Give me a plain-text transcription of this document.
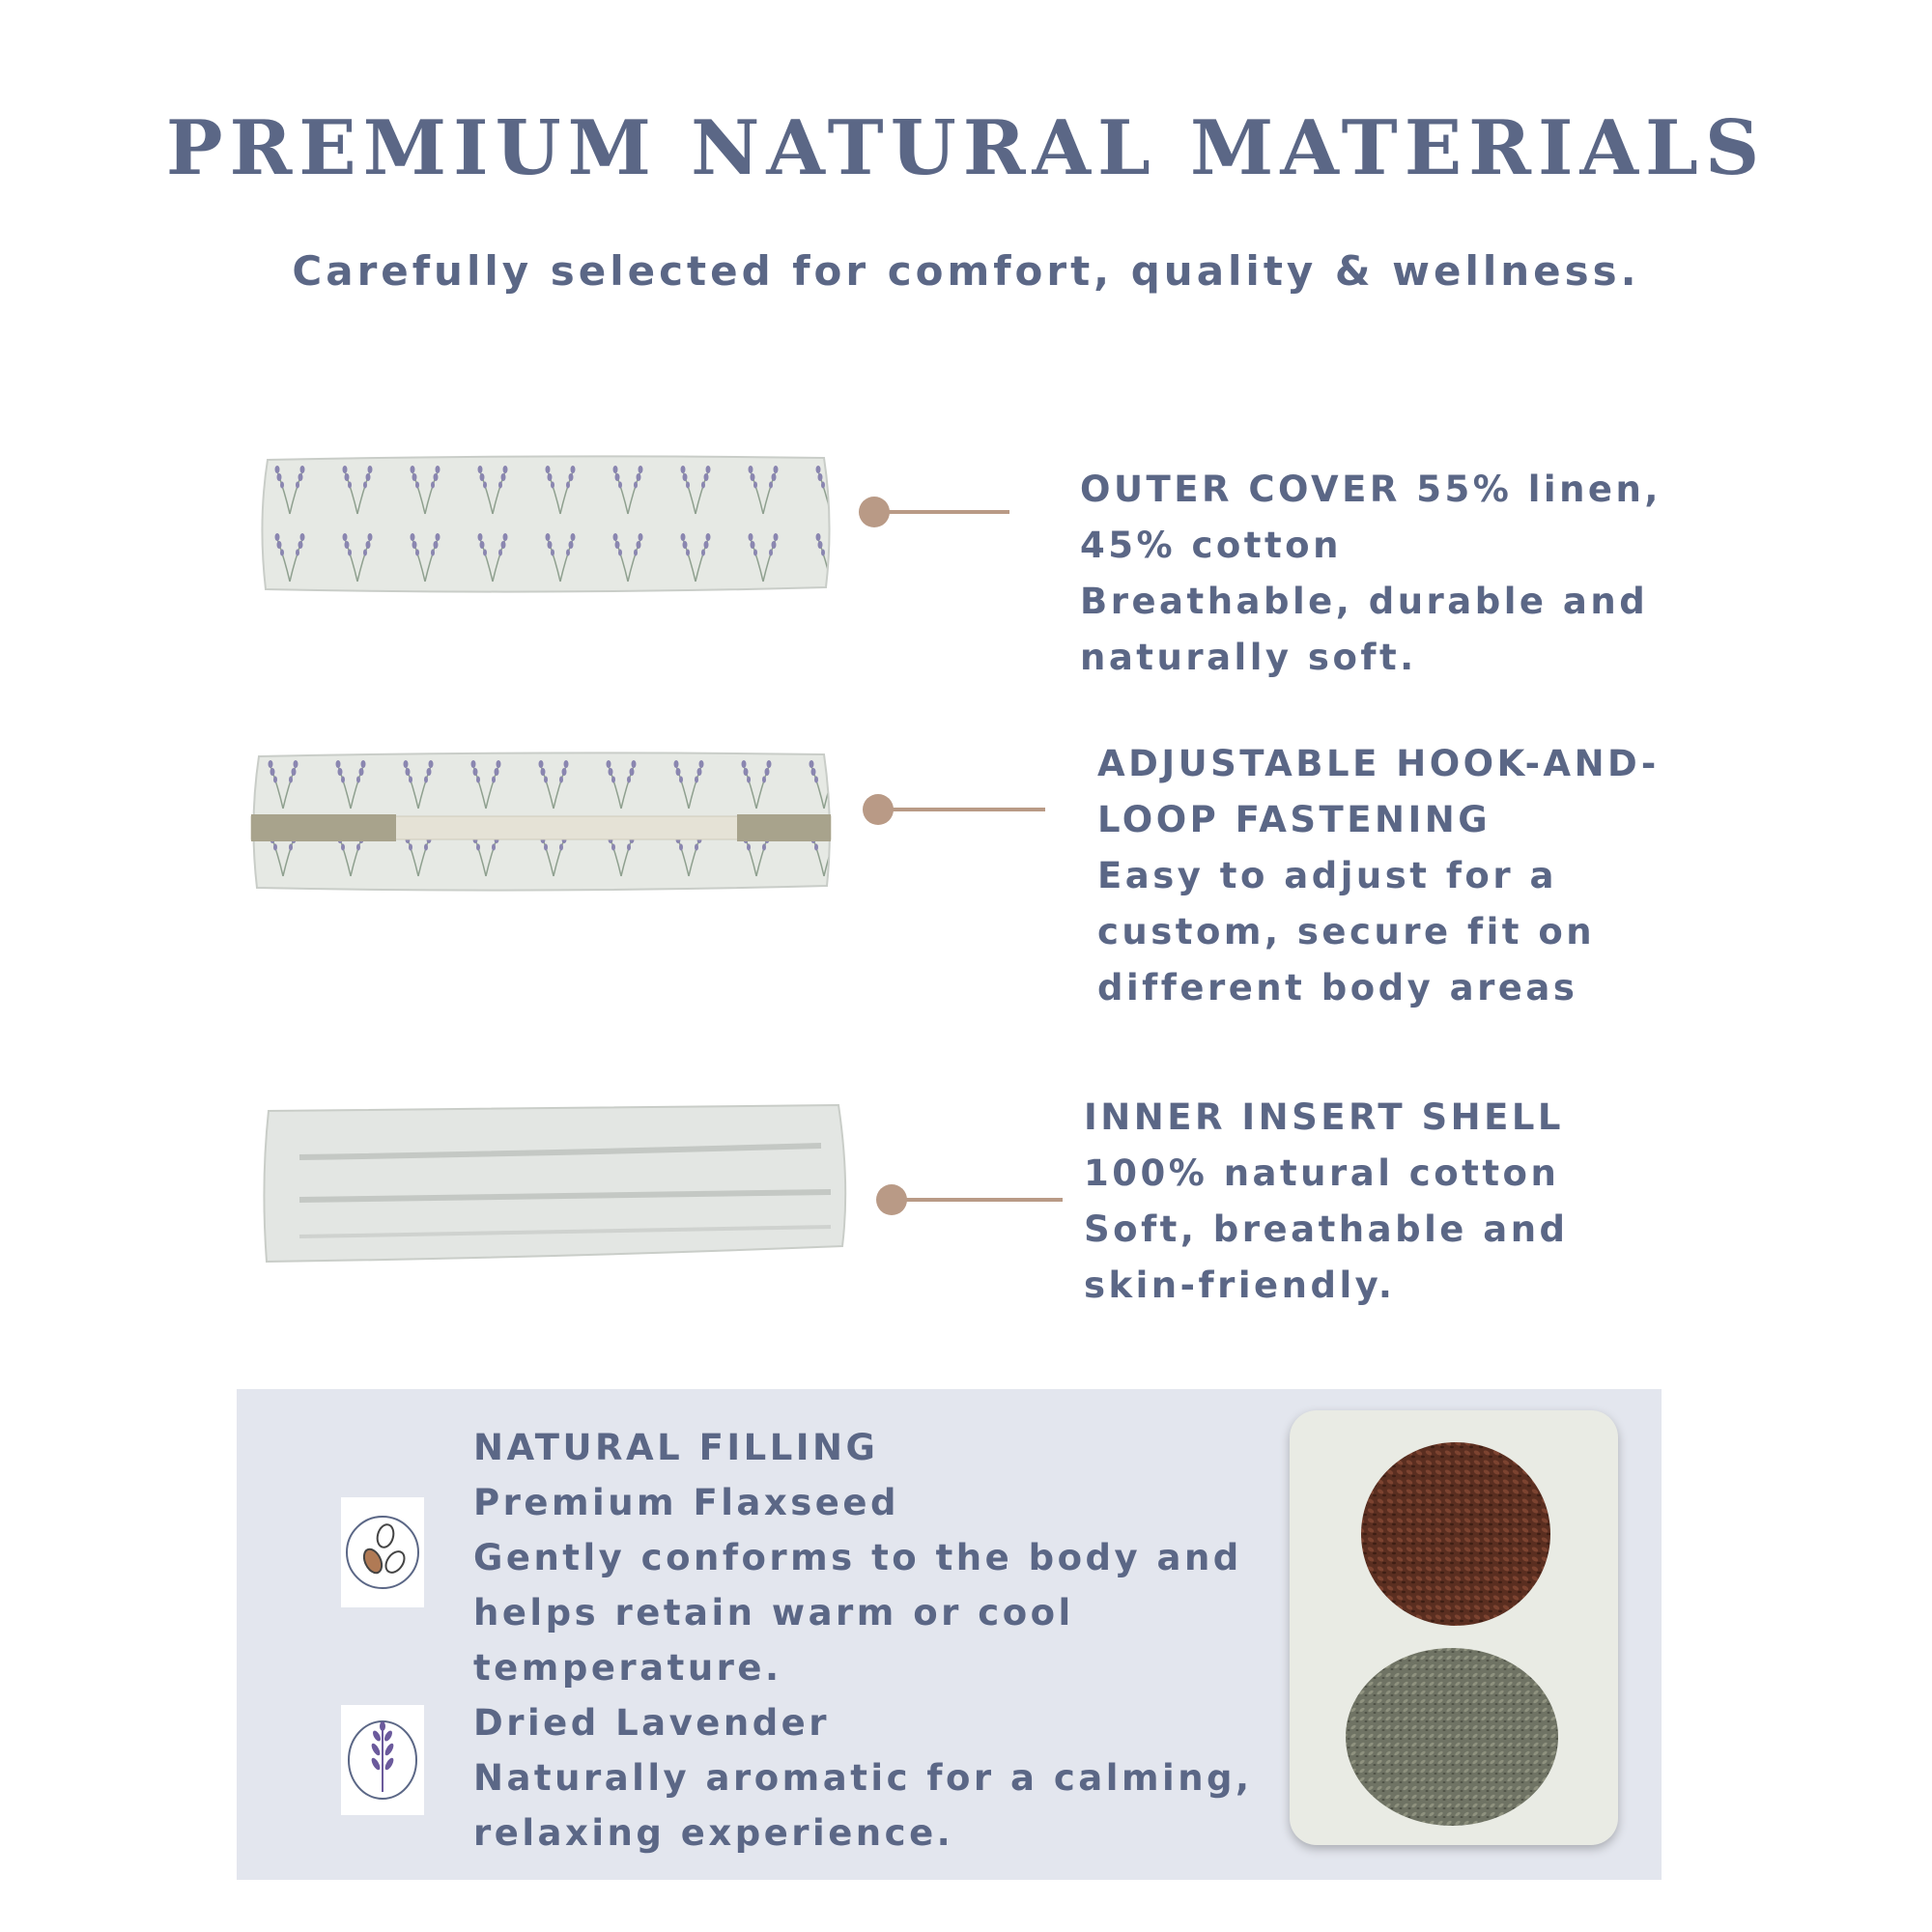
PREMIUM NATURAL MATERIALS
Carefully selected for comfort, quality & wellness.
OUTER COVER 55% linen,
45% cotton
Breathable, durable and
naturally soft.
ADJUSTABLE HOOK-AND-
LOOP FASTENING
Easy to adjust for a
custom, secure fit on
different body areas
INNER INSERT SHELL
100% natural cotton
Soft, breathable and
skin-friendly.
NATURAL FILLING
Premium Flaxseed
Gently conforms to the body and
helps retain warm or cool
temperature.
Dried Lavender
Naturally aromatic for a calming,
relaxing experience.
